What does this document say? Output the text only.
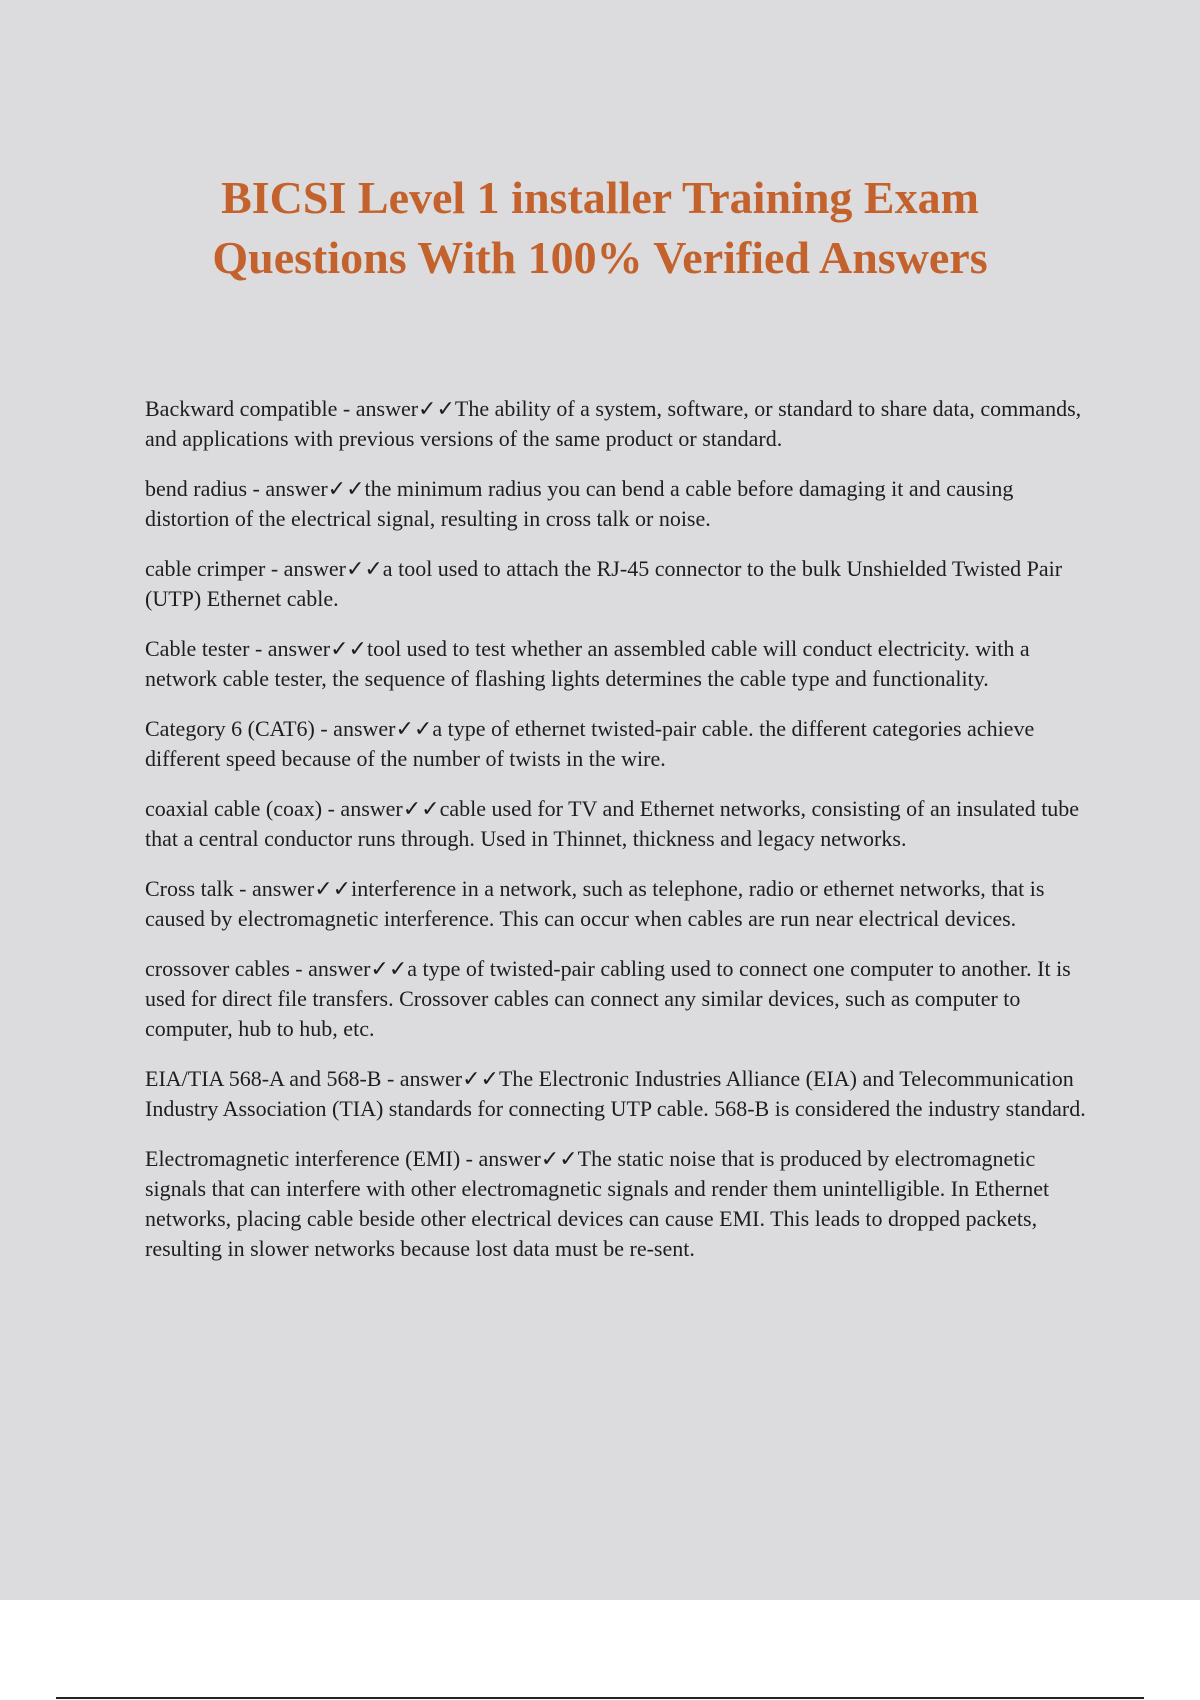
BICSI Level 1 installer Training Exam
Questions With 100% Verified Answers
Backward compatible - answer✓✓The ability of a system, software, or standard to share data, commands, and applications with previous versions of the same product or standard.
bend radius - answer✓✓the minimum radius you can bend a cable before damaging it and causing distortion of the electrical signal, resulting in cross talk or noise.
cable crimper - answer✓✓a tool used to attach the RJ-45 connector to the bulk Unshielded Twisted Pair (UTP) Ethernet cable.
Cable tester - answer✓✓tool used to test whether an assembled cable will conduct electricity. with a network cable tester, the sequence of flashing lights determines the cable type and functionality.
Category 6 (CAT6) - answer✓✓a type of ethernet twisted-pair cable. the different categories achieve different speed because of the number of twists in the wire.
coaxial cable (coax) - answer✓✓cable used for TV and Ethernet networks, consisting of an insulated tube that a central conductor runs through. Used in Thinnet, thickness and legacy networks.
Cross talk - answer✓✓interference in a network, such as telephone, radio or ethernet networks, that is caused by electromagnetic interference. This can occur when cables are run near electrical devices.
crossover cables - answer✓✓a type of twisted-pair cabling used to connect one computer to another. It is used for direct file transfers. Crossover cables can connect any similar devices, such as computer to computer, hub to hub, etc.
EIA/TIA 568-A and 568-B - answer✓✓The Electronic Industries Alliance (EIA) and Telecommunication Industry Association (TIA) standards for connecting UTP cable. 568-B is considered the industry standard.
Electromagnetic interference (EMI) - answer✓✓The static noise that is produced by electromagnetic signals that can interfere with other electromagnetic signals and render them unintelligible. In Ethernet networks, placing cable beside other electrical devices can cause EMI. This leads to dropped packets, resulting in slower networks because lost data must be re-sent.
